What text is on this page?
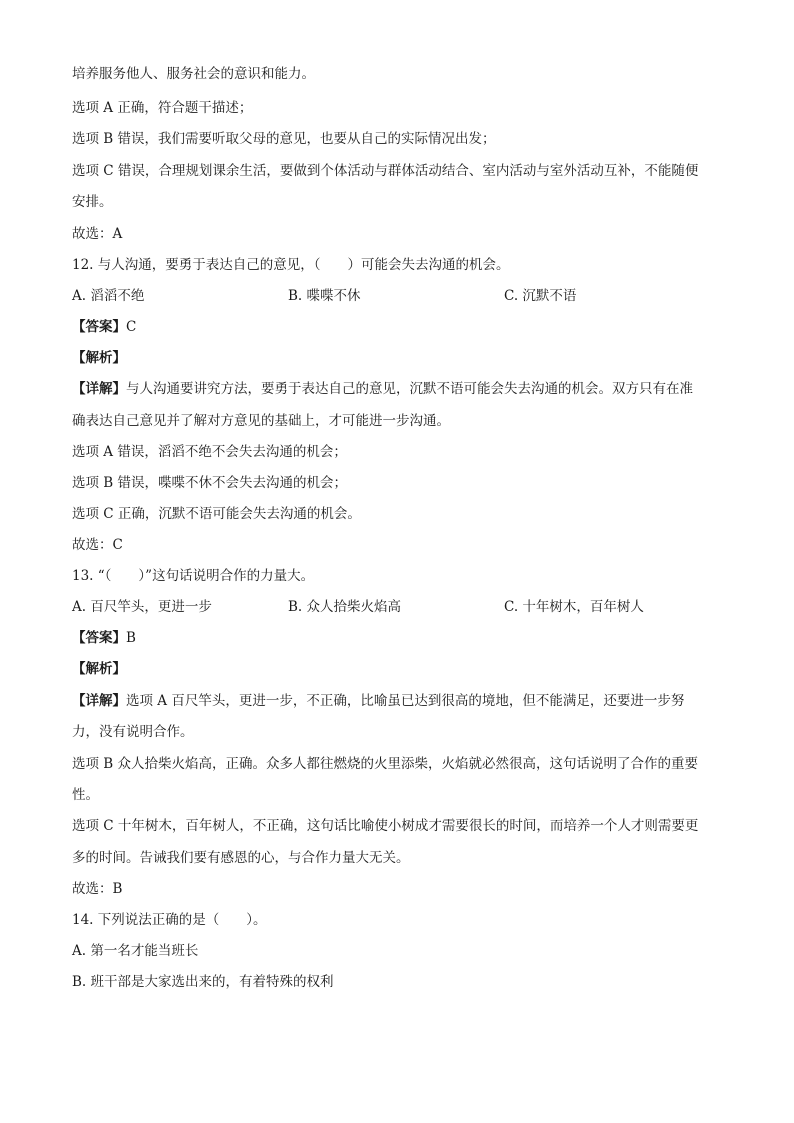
培养服务他人、服务社会的意识和能力。
选项 A 正确，符合题干描述；
选项 B 错误，我们需要听取父母的意见，也要从自己的实际情况出发；
选项 C 错误，合理规划课余生活，要做到个体活动与群体活动结合、室内活动与室外活动互补，不能随便
安排。
故选：A
12. 与人沟通，要勇于表达自己的意见，（　　）可能会失去沟通的机会。
A. 滔滔不绝	B. 喋喋不休	C. 沉默不语
【答案】C
【解析】
【详解】与人沟通要讲究方法，要勇于表达自己的意见，沉默不语可能会失去沟通的机会。双方只有在准
确表达自己意见并了解对方意见的基础上，才可能进一步沟通。
选项 A 错误，滔滔不绝不会失去沟通的机会；
选项 B 错误，喋喋不休不会失去沟通的机会；
选项 C 正确，沉默不语可能会失去沟通的机会。
故选：C
13. “（　　）”这句话说明合作的力量大。
A. 百尺竿头，更进一步	B. 众人拾柴火焰高	C. 十年树木，百年树人
【答案】B
【解析】
【详解】选项 A 百尺竿头，更进一步，不正确，比喻虽已达到很高的境地，但不能满足，还要进一步努
力，没有说明合作。
选项 B 众人拾柴火焰高，正确。众多人都往燃烧的火里添柴，火焰就必然很高，这句话说明了合作的重要
性。
选项 C 十年树木，百年树人，不正确，这句话比喻使小树成才需要很长的时间，而培养一个人才则需要更
多的时间。告诫我们要有感恩的心，与合作力量大无关。
故选：B
14. 下列说法正确的是（　　）。
A. 第一名才能当班长
B. 班干部是大家选出来的，有着特殊的权利
